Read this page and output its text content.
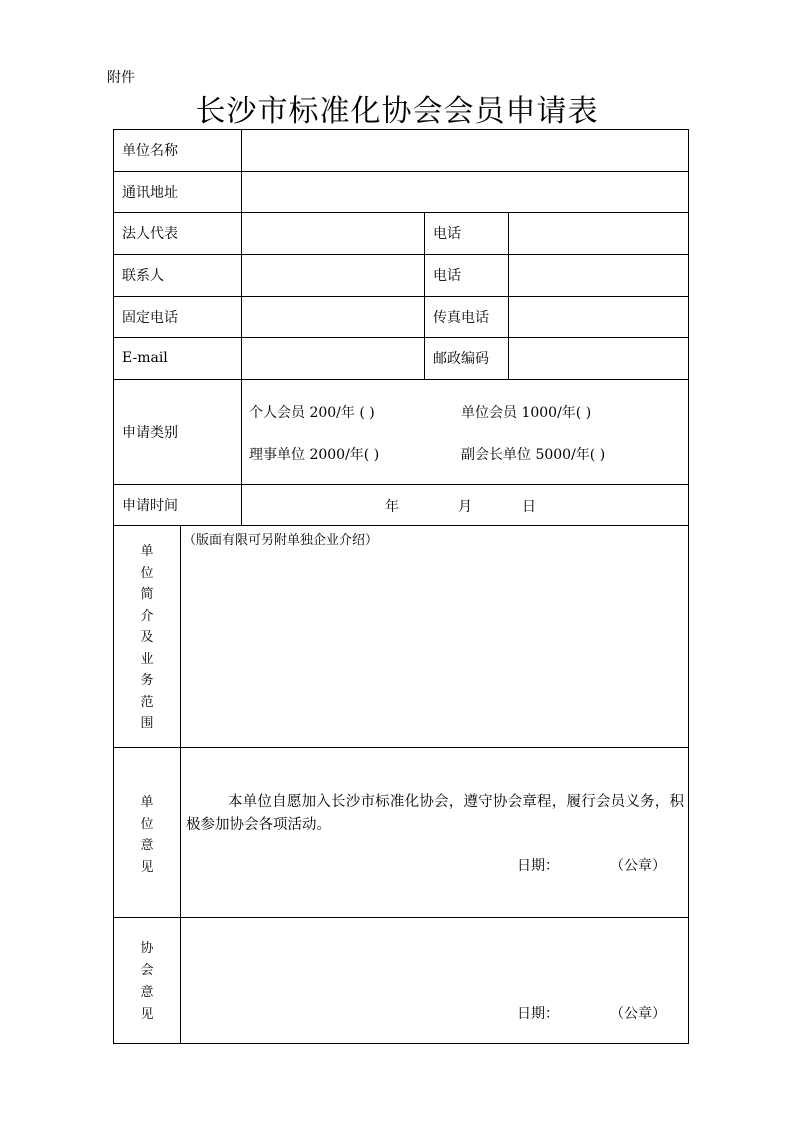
附件
长沙市标准化协会会员申请表
单位名称
通讯地址
法人代表	电话
联系人	电话
固定电话	传真电话
E-mail	邮政编码
申请类别
个人会员 200/年 ( )	单位会员 1000/年( )
理事单位 2000/年( )	副会长单位 5000/年( )
申请时间	年	月	日
单
位
简
介
及
业
务
范
围
（版面有限可另附单独企业介绍）
单
位
意
见
本单位自愿加入长沙市标准化协会，遵守协会章程，履行会员义务，积极参加协会各项活动。
日期：	（公章）
协
会
意
见	日期：	（公章）
